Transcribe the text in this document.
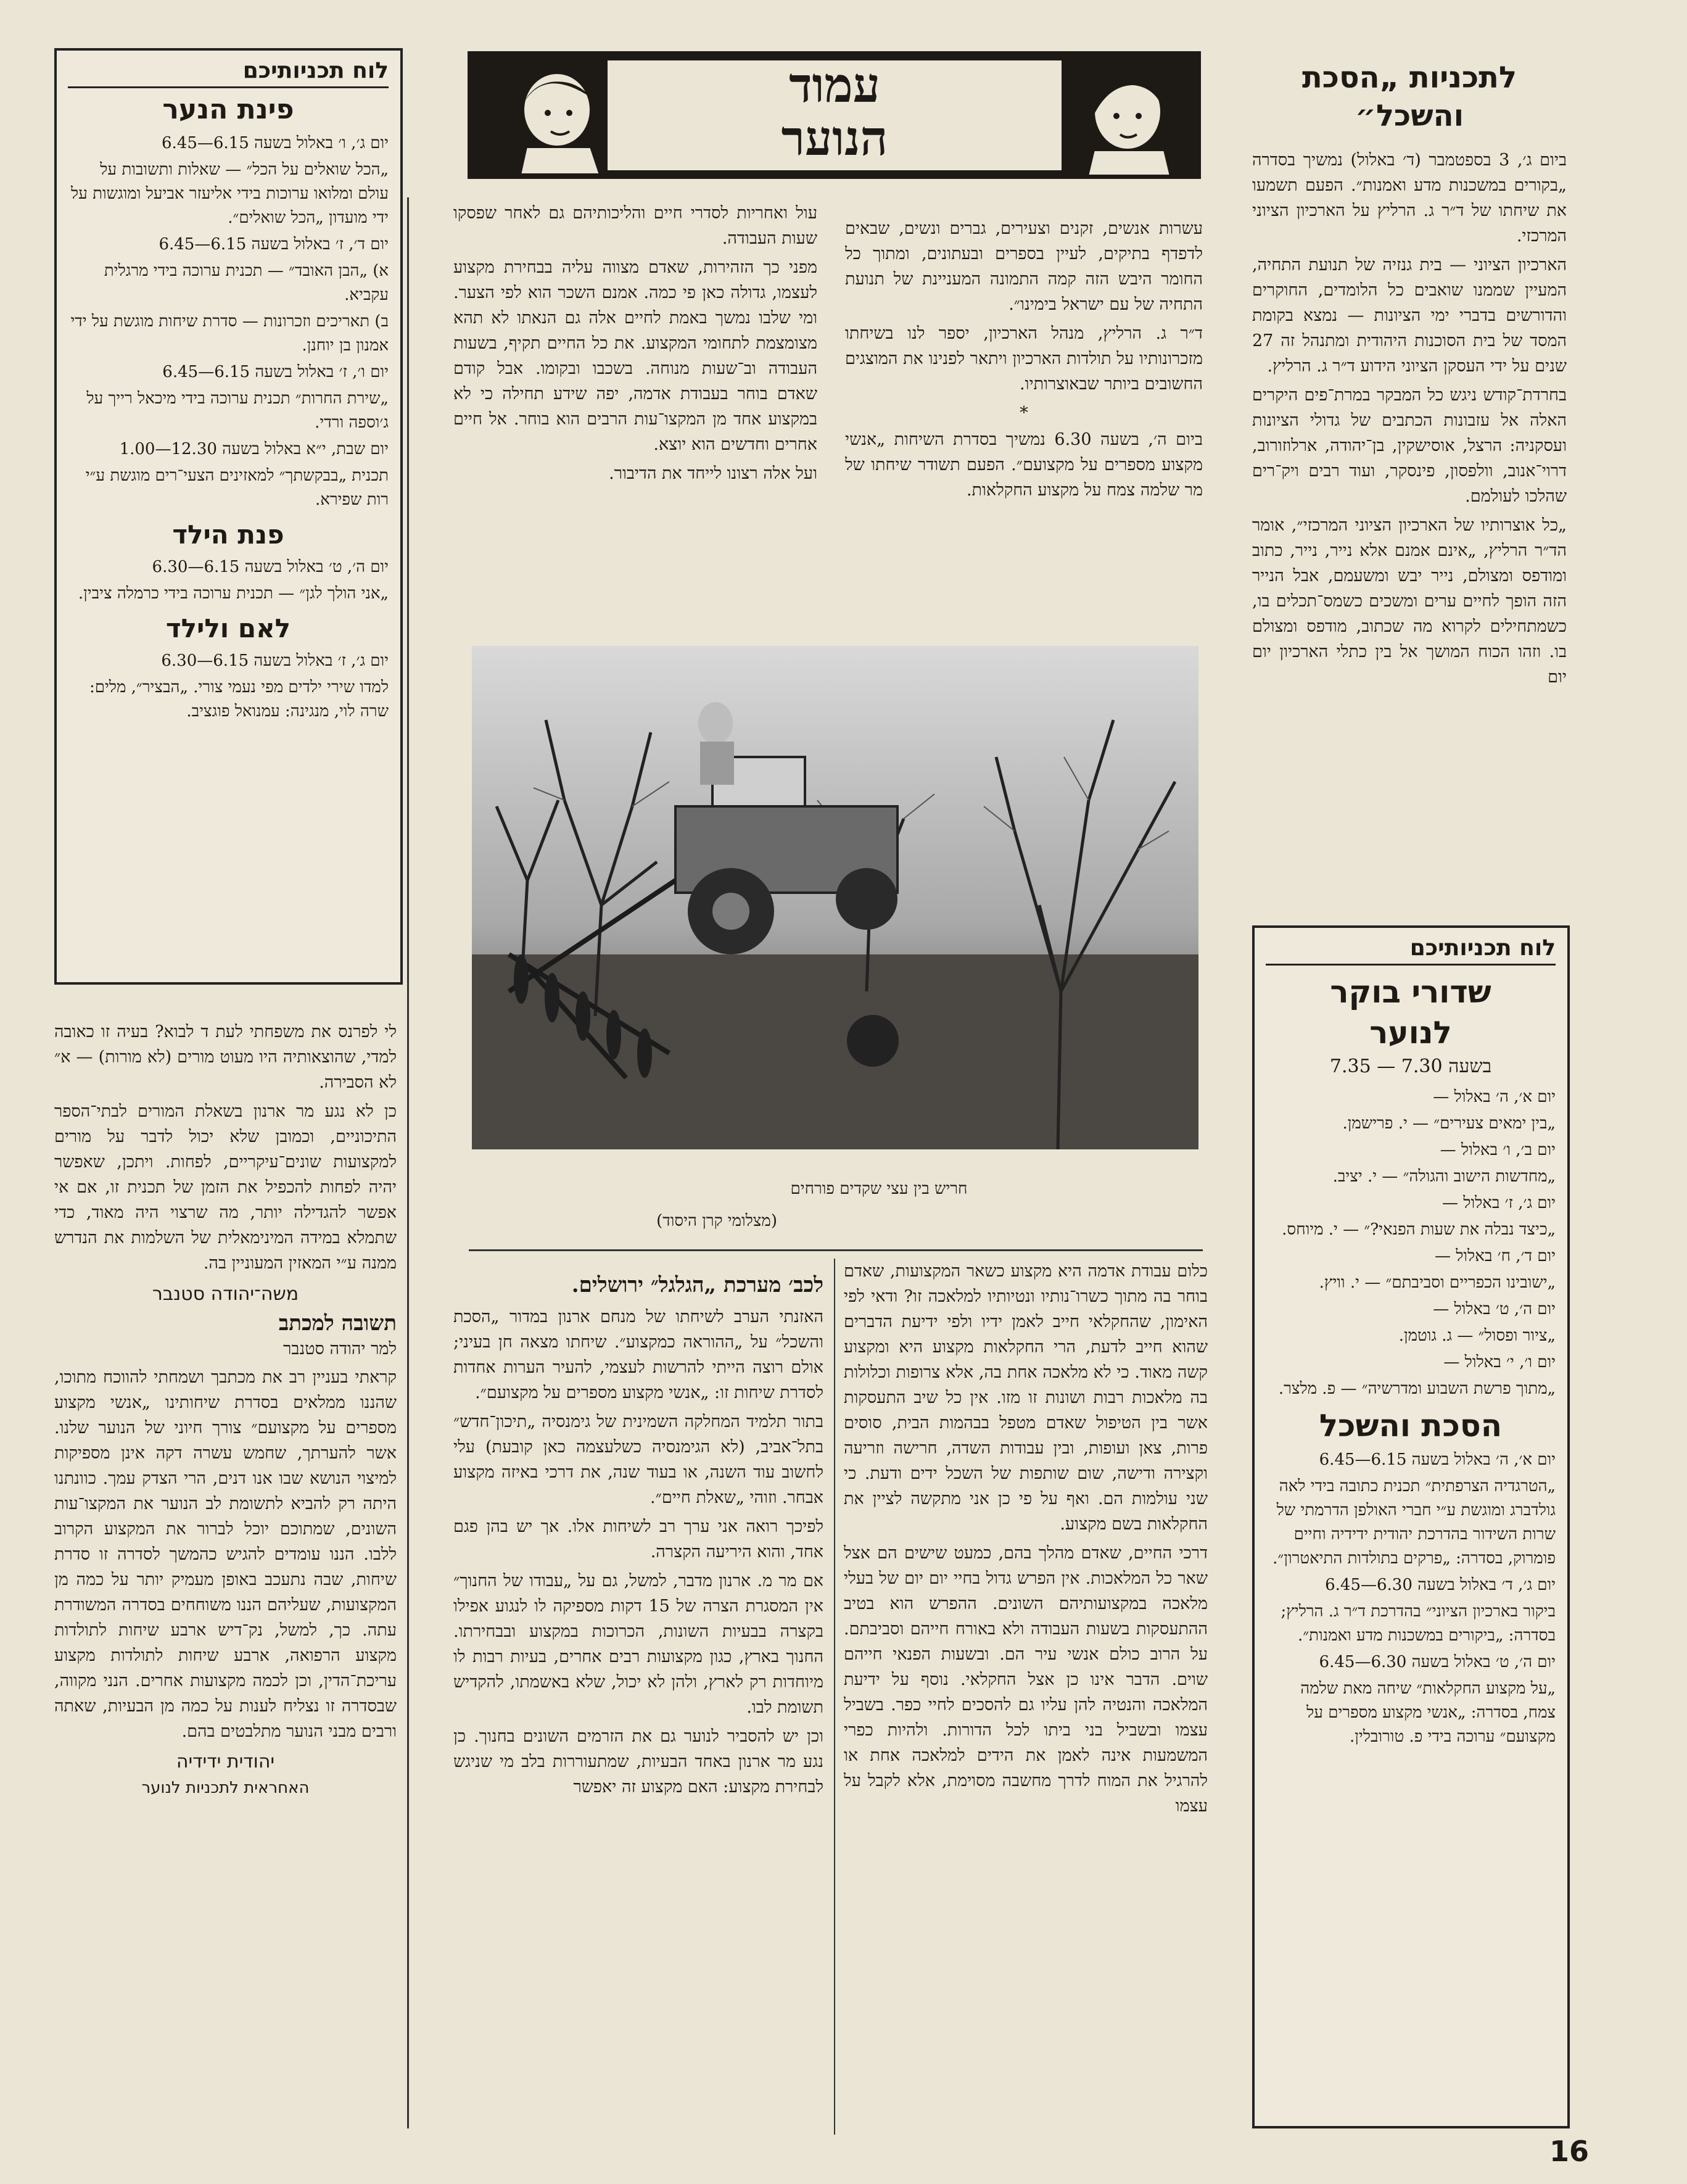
עמוד
הנוער
לוח תכניותיכם
פינת הנער

יום ג׳, ו׳ באלול בשעה 6.15—6.45

„הכל שואלים על הכל״ — שאלות ותשובות על עולם ומלואו ערוכות בידי אליעזר אביעל ומוגשות על ידי מועדון „הכל שואלים״.

יום ד׳, ז׳ באלול בשעה 6.15—6.45

א) „הבן האובד״ — תכנית ערוכה בידי מרגלית עקביא.

ב) תאריכים וזכרונות — סדרת שיחות מוגשת על ידי אמנון בן יוחנן.

יום ו׳, ז׳ באלול בשעה 6.15—6.45

„שירת החרות״ תכנית ערוכה בידי מיכאל רייך על ג׳וספה ורדי.

יום שבת, י״א באלול בשעה 12.30—1.00

תכנית „בבקשתך״ למאזינים הצעי־רים מוגשת ע״י רות שפירא.

פנת הילד

יום ה׳, ט׳ באלול בשעה 6.15—6.30

„אני הולך לגן״ — תכנית ערוכה בידי כרמלה ציבין.

לאם ולילד

יום ג׳, ז׳ באלול בשעה 6.15—6.30

למדו שירי ילדים מפי נעמי צורי. „הבציר״, מלים: שרה לוי, מנגינה: עמנואל פוגציב.

לתכניות „הסכת והשכל״

ביום ג׳, 3 בספטמבר (ד׳ באלול) נמשיך בסדרה „בקורים במשכנות מדע ואמנות״. הפעם תשמעו את שיחתו של ד״ר ג. הרליץ על הארכיון הציוני המרכזי.

הארכיון הציוני — בית גנזיה של תנועת התחיה, המעיין שממנו שואבים כל הלומדים, החוקרים והדורשים בדברי ימי הציונות — נמצא בקומת המסד של בית הסוכנות היהודית ומתנהל זה 27 שנים על ידי העסקן הציוני הידוע ד״ר ג. הרליץ.

בחרדת־קודש ניגש כל המבקר במרת־פים היקרים האלה אל עזבונות הכתבים של גדולי הציונות ועסקניה: הרצל, אוסישקין, בן־יהודה, ארלוזורוב, דרוי־אנוב, וולפסון, פינסקר, ועוד רבים ויק־רים שהלכו לעולמם.

„כל אוצרותיו של הארכיון הציוני המרכזי״, אומר הד״ר הרליץ, „אינם אמנם אלא נייר, נייר, כתוב ומודפס ומצולם, נייר יבש ומשעמם, אבל הנייר הזה הופך לחיים ערים ומשכים כשמס־תכלים בו, כשמתחילים לקרוא מה שכתוב, מודפס ומצולם בו. וזהו הכוח המושך אל בין כתלי הארכיון יום יום

לוח תכניותיכם
שדורי בוקר
לנוער
בשעה 7.30 — 7.35

יום א׳, ה׳ באלול —

„בין ימאים צעירים״ — י. פרישמן.

יום ב׳, ו׳ באלול —

„מחדשות הישוב והגולה״ — י. יציב.

יום ג׳, ז׳ באלול —

„כיצד נבלה את שעות הפנאי?״ — י. מיוחס.

יום ד׳, ח׳ באלול —

„ישובינו הכפריים וסביבתם״ — י. וויץ.

יום ה׳, ט׳ באלול —

„ציור ופסול״ — ג. גוטמן.

יום ו׳, י׳ באלול —

„מתוך פרשת השבוע ומדרשיה״ — פ. מלצר.

הסכת והשכל

יום א׳, ה׳ באלול בשעה 6.15—6.45

„הטרגדיה הצרפתית״ תכנית כתובה בידי לאה גולדברג ומוגשת ע״י חברי האולפן הדרמתי של שרות השידור בהדרכת יהודית ידידיה וחיים פומרוק, בסדרה: „פרקים בתולדות התיאטרון״.

יום ג׳, ד׳ באלול בשעה 6.30—6.45

ביקור בארכיון הציוני״ בהדרכת ד״ר ג. הרליץ; בסדרה: „ביקורים במשכנות מדע ואמנות״.

יום ה׳, ט׳ באלול בשעה 6.30—6.45

„על מקצוע החקלאות״ שיחה מאת שלמה צמח, בסדרה: „אנשי מקצוע מספרים על מקצועם״ ערוכה בידי פ. טורובלין.

עשרות אנשים, זקנים וצעירים, גברים ונשים, שבאים לדפדף בתיקים, לעיין בספרים ובעתונים, ומתוך כל החומר היבש הזה קמה התמונה המעניינת של תנועת התחיה של עם ישראל בימינו״.

ד״ר ג. הרליץ, מנהל הארכיון, יספר לנו בשיחתו מזכרונותיו על תולדות הארכיון ויתאר לפנינו את המוצגים החשובים ביותר שבאוצרותיו.

*

ביום ה׳, בשעה 6.30 נמשיך בסדרת השיחות „אנשי מקצוע מספרים על מקצועם״. הפעם תשודר שיחתו של מר שלמה צמח על מקצוע החקלאות.

עול ואחריות לסדרי חיים והליכותיהם גם לאחר שפסקו שעות העבודה.

מפני כך הזהירות, שאדם מצווה עליה בבחירת מקצוע לעצמו, גדולה כאן פי כמה. אמנם השכר הוא לפי הצער. ומי שלבו נמשך באמת לחיים אלה גם הנאתו לא תהא מצומצמת לתחומי המקצוע. את כל החיים תקיף, בשעות העבודה וב־שעות מנוחה. בשכבו ובקומו. אבל קודם שאדם בוחר בעבודת אדמה, יפה שידע תחילה כי לא במקצוע אחד מן המקצו־עות הרבים הוא בוחר. אל חיים אחרים וחדשים הוא יוצא.

ועל אלה רצונו לייחד את הדיבור.

חריש בין עצי שקדים פורחים
(מצלומי קרן היסוד)

כלום עבודת אדמה היא מקצוע כשאר המקצועות, שאדם בוחר בה מתוך כשרו־נותיו ונטיותיו למלאכה זו? ודאי לפי האימון, שהחקלאי חייב לאמן ידיו ולפי ידיעת הדברים שהוא חייב לדעת, הרי החקלאות מקצוע היא ומקצוע קשה מאוד. כי לא מלאכה אחת בה, אלא צרופות וכלולות בה מלאכות רבות ושונות זו מזו. אין כל שיב התעסקות אשר בין הטיפול שאדם מטפל בבהמות הבית, סוסים פרות, צאן ועופות, ובין עבודות השדה, חרישה וזריעה וקצירה ודישה, שום שותפות של השכל ידים ודעת. כי שני עולמות הם. ואף על פי כן אני מתקשה לציין את החקלאות בשם מקצוע.

דרכי החיים, שאדם מהלך בהם, כמעט שישים הם אצל שאר כל המלאכות. אין הפרש גדול בחיי יום יום של בעלי מלאכה במקצועותיהם השונים. ההפרש הוא בטיב ההתעסקות בשעות העבודה ולא באורח חייהם וסביבתם. על הרוב כולם אנשי עיר הם. ובשעות הפנאי חייהם שוים. הדבר אינו כן אצל החקלאי. נוסף על ידיעת המלאכה והנטיה להן עליו גם להסכים לחיי כפר. בשביל עצמו ובשביל בני ביתו לכל הדורות. ולהיות כפרי המשמעות אינה לאמן את הידים למלאכה אחת או להרגיל את המוח לדרך מחשבה מסוימת, אלא לקבל על עצמו

לכב׳ מערכת „הגלגל״ ירושלים.

האזנתי הערב לשיחתו של מנחם ארנון במדור „הסכת והשכל״ על „ההוראה כמקצוע״. שיחתו מצאה חן בעיני; אולם רוצה הייתי להרשות לעצמי, להעיר הערות אחדות לסדרת שיחות זו: „אנשי מקצוע מספרים על מקצועם״.

בתור תלמיד המחלקה השמינית של גימנסיה „תיכון־חדש״ בתל־אביב, (לא הגימנסיה כשלעצמה כאן קובעת) עלי לחשוב עוד השנה, או בעוד שנה, את דרכי באיזה מקצוע אבחר. וזוהי „שאלת חיים״.

לפיכך רואה אני ערך רב לשיחות אלו. אך יש בהן פגם אחד, והוא היריעה הקצרה.

אם מר מ. ארנון מדבר, למשל, גם על „עבודו של החנוך״ אין המסגרת הצרה של 15 דקות מספיקה לו לנגוע אפילו בקצרה בבעיות השונות, הכרוכות במקצוע ובבחירתו. החנוך בארץ, כגון מקצועות רבים אחרים, בעיות רבות לו מיוחדות רק לארץ, ולהן לא יכול, שלא באשמתו, להקדיש תשומת לבו.

וכן יש להסביר לנוער גם את הזרמים השונים בחנוך. כן נגע מר ארנון באחד הבעיות, שמתעוררות בלב מי שניגש לבחירת מקצוע: האם מקצוע זה יאפשר

לי לפרנס את משפחתי לעת ד לבוא? בעיה זו כאובה למדי, שהוצאותיה היו מעוט מורים (לא מורות) — א״ לא הסבירה.

כן לא נגע מר ארנון בשאלת המורים לבתי־הספר התיכוניים, וכמובן שלא יכול לדבר על מורים למקצועות שונים־עיקריים, לפחות. ויתכן, שאפשר יהיה לפחות להכפיל את הזמן של תכנית זו, אם אי אפשר להגדילה יותר, מה שרצוי היה מאוד, כדי שתמלא במידה המינימאלית של השלמות את הנדרש ממנה ע״י המאזין המעוניין בה.

משה־יהודה סטנבר
תשובה למכתב
למר יהודה סטנבר

קראתי בעניין רב את מכתבך ושמחתי להווכח מתוכו, שהננו ממלאים בסדרת שיחותינו „אנשי מקצוע מספרים על מקצועם״ צורך חיוני של הנוער שלנו. אשר להערתך, שחמש עשרה דקה אינן מספיקות למיצוי הנושא שבו אנו דנים, הרי הצדק עמך. כוונתנו היתה רק להביא לתשומת לב הנוער את המקצו־עות השונים, שמתוכם יוכל לברור את המקצוע הקרוב ללבו. הננו עומדים להגיש כהמשך לסדרה זו סדרת שיחות, שבה נתעכב באופן מעמיק יותר על כמה מן המקצועות, שעליהם הננו משוחחים בסדרה המשודרת עתה. כך, למשל, נק־דיש ארבע שיחות לתולדות מקצוע הרפואה, ארבע שיחות לתולדות מקצוע עריכת־הדין, וכן לכמה מקצועות אחרים. הנני מקווה, שבסדרה זו נצליח לענות על כמה מן הבעיות, שאתה ורבים מבני הנוער מתלבטים בהם.

יהודית ידידיה
האחראית לתכניות לנוער
16
